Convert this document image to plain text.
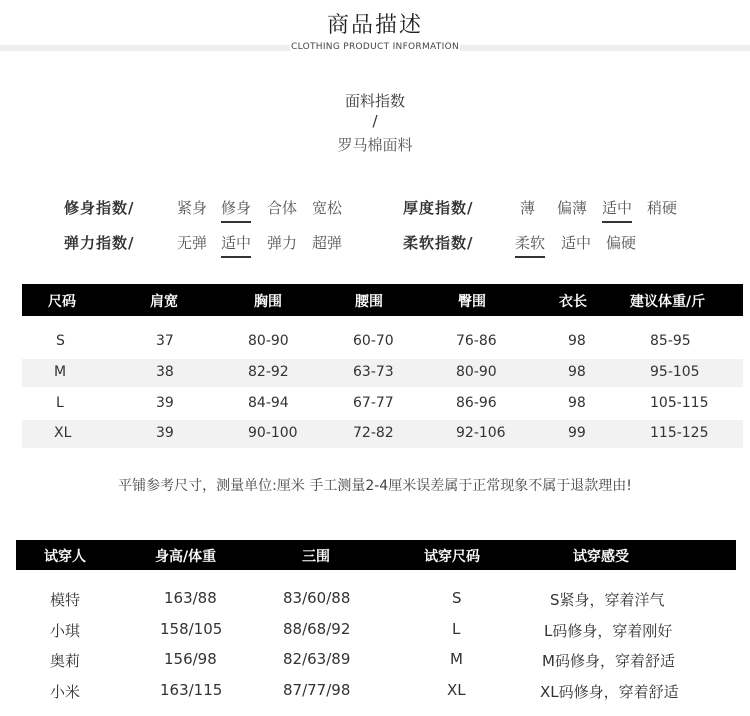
商品描述
CLOTHING PRODUCT INFORMATION
面料指数
/
罗马棉面料
修身指数/	紧身 修身 合体 宽松
弹力指数/	无弹 适中 弹力 超弹
厚度指数/	薄 偏薄 适中 稍硬
柔软指数/	柔软 适中 偏硬
尺码	肩宽	胸围	腰围	臀围	衣长	建议体重/斤
S	37	80-90	60-70	76-86	98	85-95
M	38	82-92	63-73	80-90	98	95-105
L	39	84-94	67-77	86-96	98	105-115
XL	39	90-100	72-82	92-106	99	115-125
平铺参考尺寸，测量单位:厘米 手工测量2-4厘米误差属于正常现象不属于退款理由!
试穿人	身高/体重	三围	试穿尺码	试穿感受
模特	163/88	83/60/88	S	S紧身，穿着洋气
小琪	158/105	88/68/92	L	L码修身，穿着刚好
奥莉	156/98	82/63/89	M	M码修身，穿着舒适
小米	163/115	87/77/98	XL	XL码修身，穿着舒适
